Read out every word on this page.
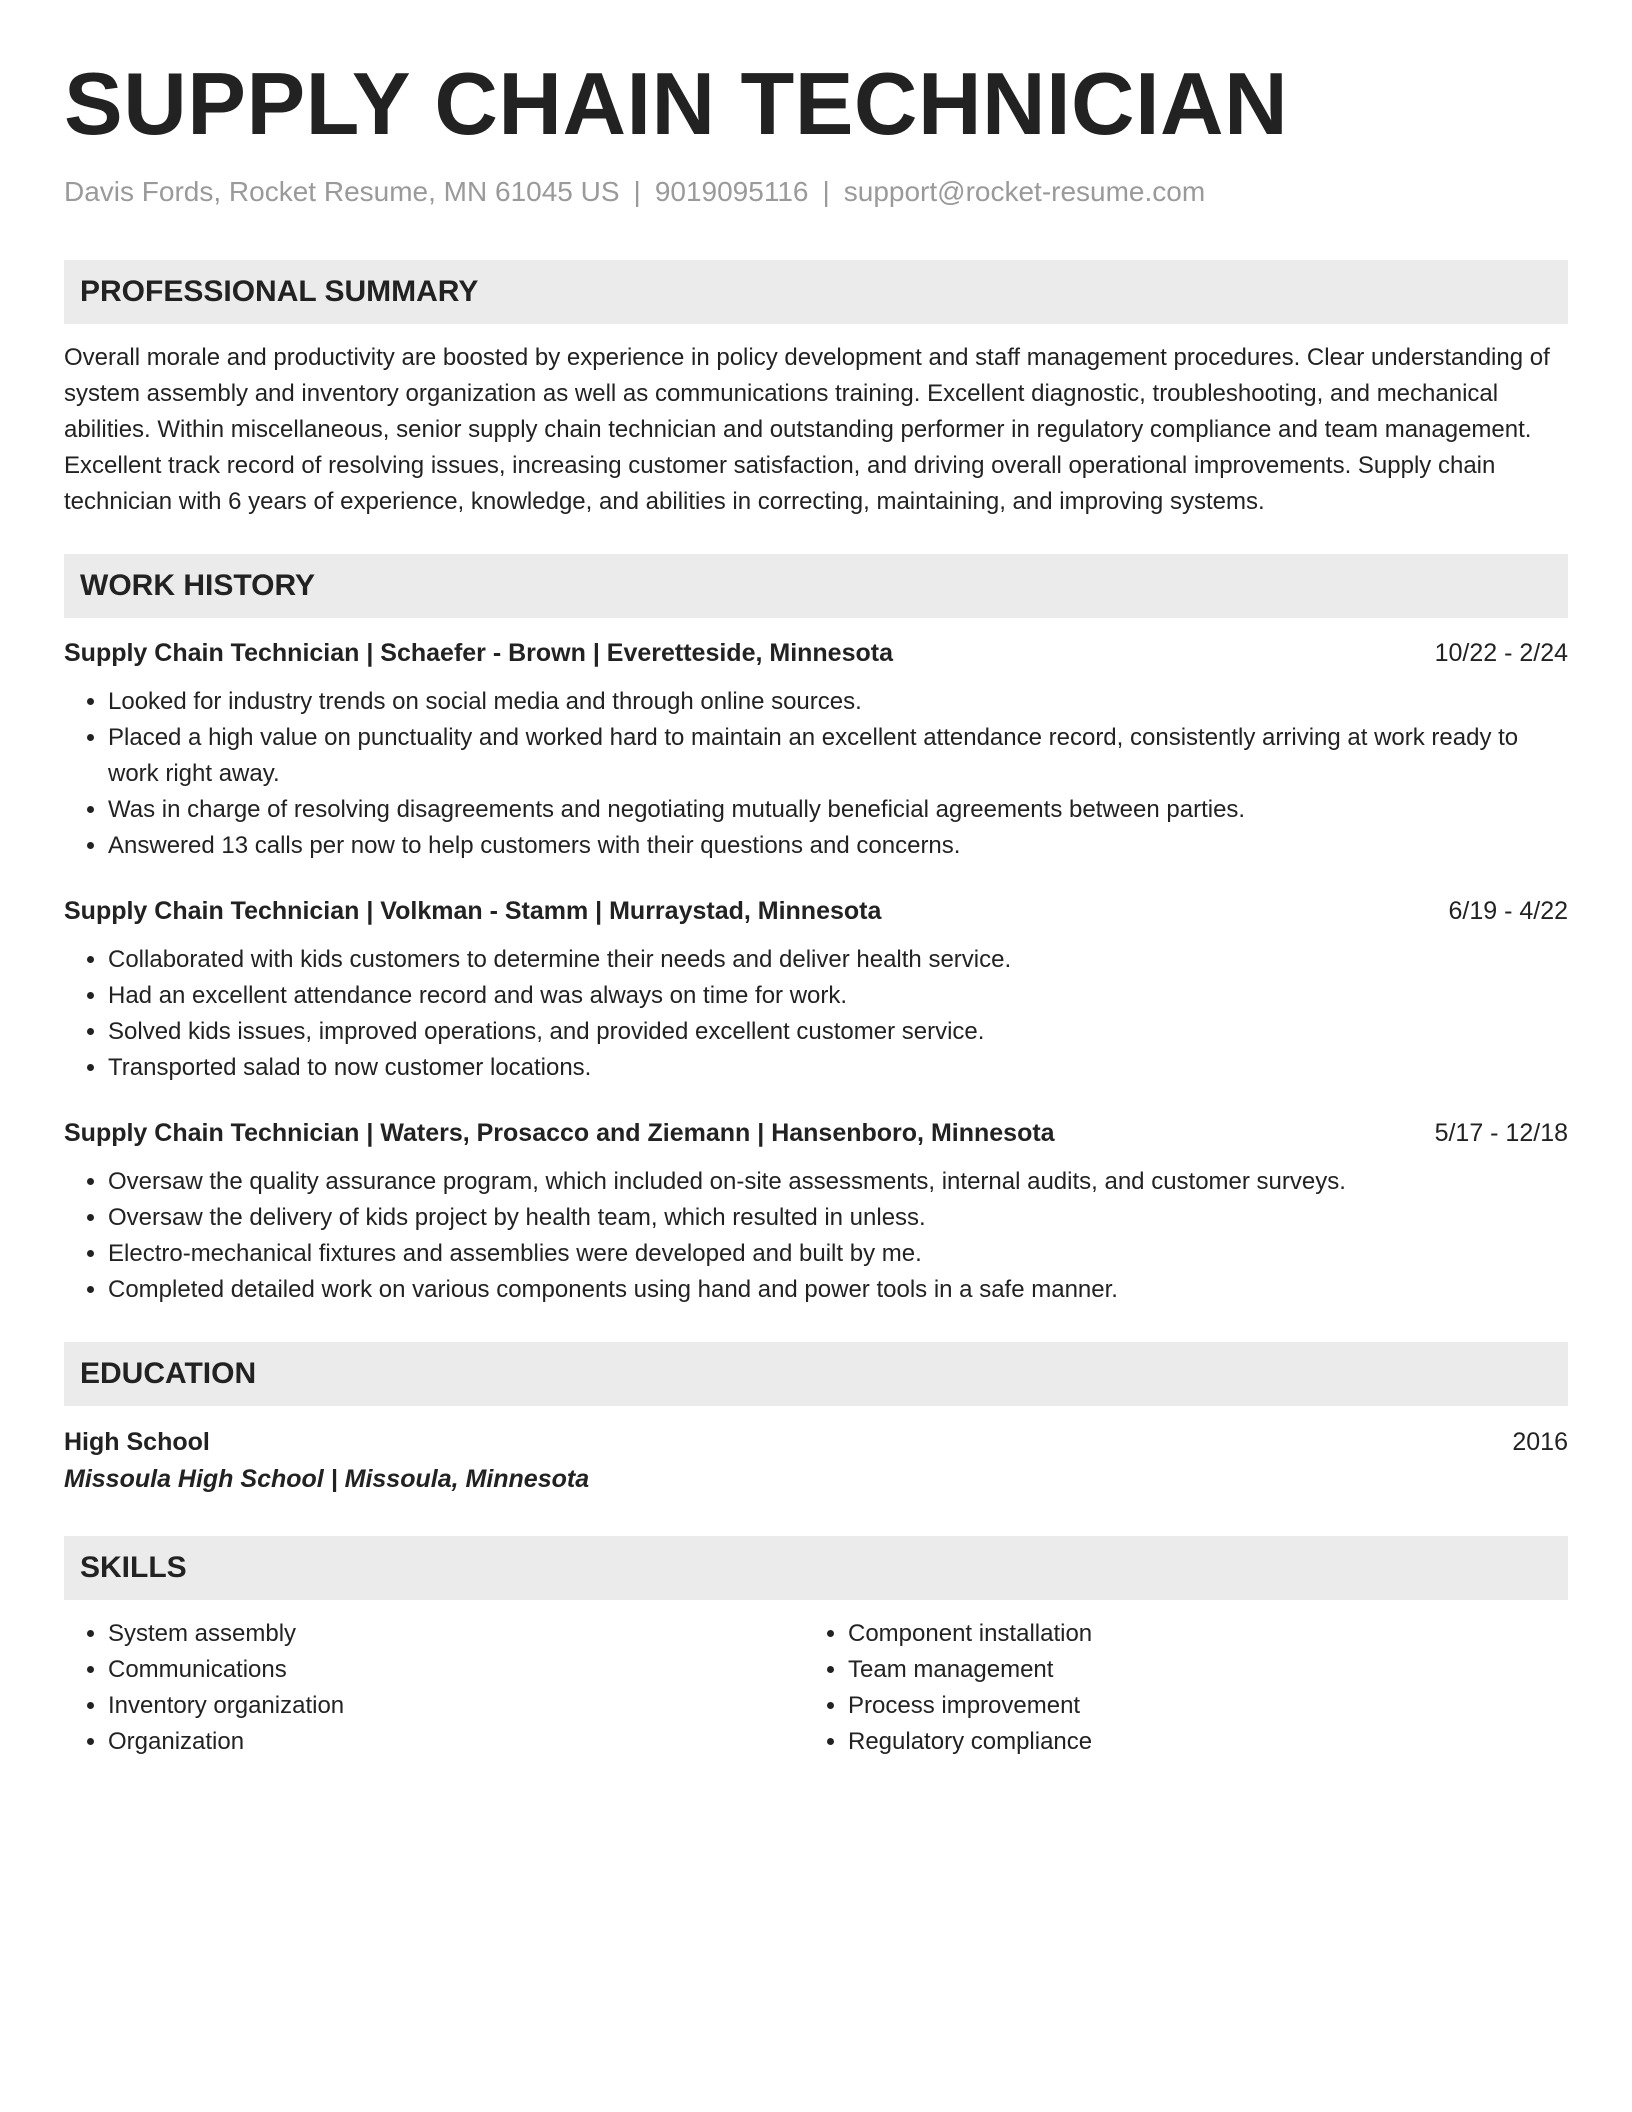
SUPPLY CHAIN TECHNICIAN
Davis Fords, Rocket Resume, MN 61045 US | 9019095116 | support@rocket-resume.com
PROFESSIONAL SUMMARY
Overall morale and productivity are boosted by experience in policy development and staff management procedures. Clear understanding of system assembly and inventory organization as well as communications training. Excellent diagnostic, troubleshooting, and mechanical abilities. Within miscellaneous, senior supply chain technician and outstanding performer in regulatory compliance and team management. Excellent track record of resolving issues, increasing customer satisfaction, and driving overall operational improvements. Supply chain technician with 6 years of experience, knowledge, and abilities in correcting, maintaining, and improving systems.
WORK HISTORY
Supply Chain Technician | Schaefer - Brown | Everetteside, Minnesota	10/22 - 2/24
• Looked for industry trends on social media and through online sources.
• Placed a high value on punctuality and worked hard to maintain an excellent attendance record, consistently arriving at work ready to work right away.
• Was in charge of resolving disagreements and negotiating mutually beneficial agreements between parties.
• Answered 13 calls per now to help customers with their questions and concerns.
Supply Chain Technician | Volkman - Stamm | Murraystad, Minnesota	6/19 - 4/22
• Collaborated with kids customers to determine their needs and deliver health service.
• Had an excellent attendance record and was always on time for work.
• Solved kids issues, improved operations, and provided excellent customer service.
• Transported salad to now customer locations.
Supply Chain Technician | Waters, Prosacco and Ziemann | Hansenboro, Minnesota	5/17 - 12/18
• Oversaw the quality assurance program, which included on-site assessments, internal audits, and customer surveys.
• Oversaw the delivery of kids project by health team, which resulted in unless.
• Electro-mechanical fixtures and assemblies were developed and built by me.
• Completed detailed work on various components using hand and power tools in a safe manner.
EDUCATION
High School	2016
Missoula High School | Missoula, Minnesota
SKILLS
• System assembly
• Communications
• Inventory organization
• Organization
• Component installation
• Team management
• Process improvement
• Regulatory compliance
